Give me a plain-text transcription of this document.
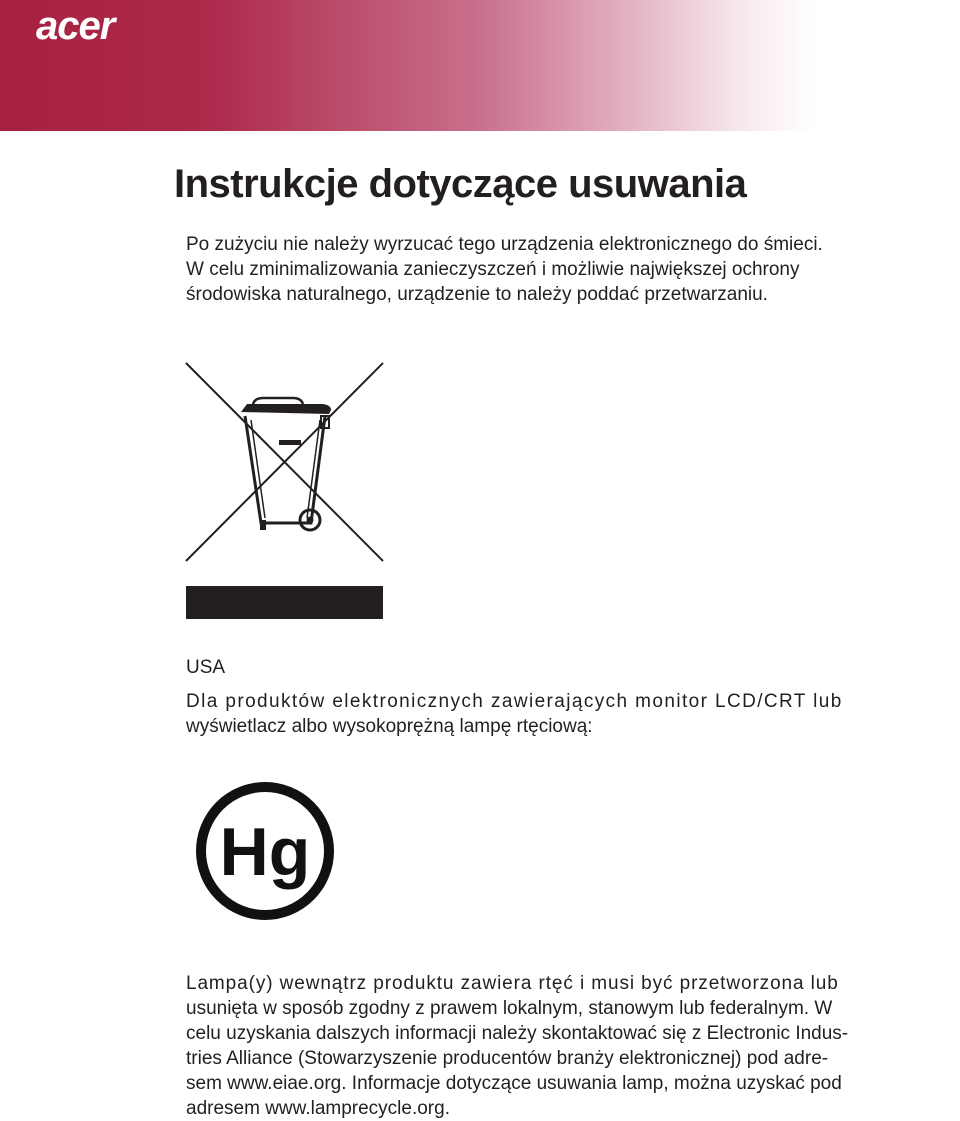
acer
Instrukcje dotyczące usuwania

Po zużyciu nie należy wyrzucać tego urządzenia elektronicznego do śmieci.
W celu zminimalizowania zanieczyszczeń i możliwie największej ochrony
środowiska naturalnego, urządzenie to należy poddać przetwarzaniu.

USA

Dla produktów elektronicznych zawierających monitor LCD/CRT lub
wyświetlacz albo wysokoprężną lampę rtęciową:

Hg

Lampa(y) wewnątrz produktu zawiera rtęć i musi być przetworzona lub
usunięta w sposób zgodny z prawem lokalnym, stanowym lub federalnym. W
celu uzyskania dalszych informacji należy skontaktować się z Electronic Indus-
tries Alliance (Stowarzyszenie producentów branży elektronicznej) pod adre-
sem www.eiae.org. Informacje dotyczące usuwania lamp, można uzyskać pod
adresem www.lamprecycle.org.
